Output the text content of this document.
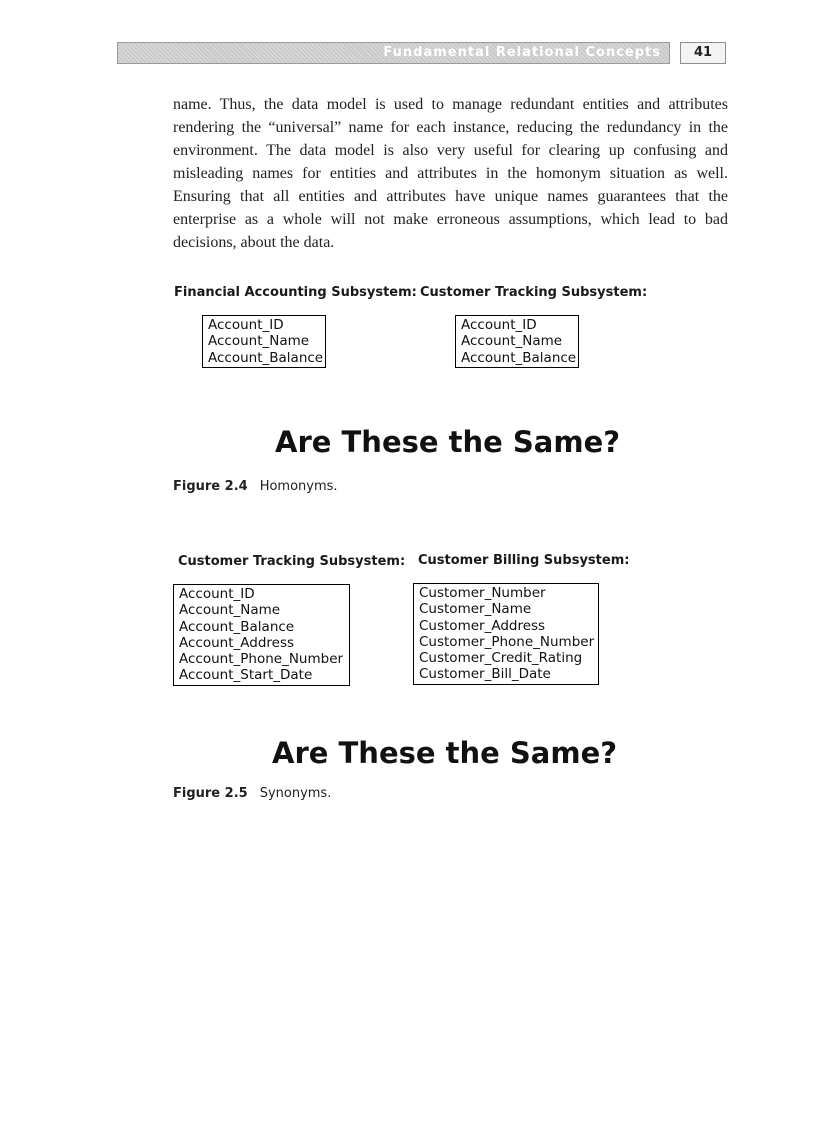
Fundamental Relational Concepts	41

name. Thus, the data model is used to manage redundant entities and attributes rendering the “universal” name for each instance, reducing the redundancy in the environment. The data model is also very useful for clearing up confusing and misleading names for entities and attributes in the homonym situation as well. Ensuring that all entities and attributes have unique names guarantees that the enterprise as a whole will not make erroneous assumptions, which lead to bad decisions, about the data.

Financial Accounting Subsystem: Customer Tracking Subsystem:
Account_ID
Account_Name
Account_Balance
Account_ID
Account_Name
Account_Balance
Are These the Same?
Figure 2.4 Homonyms.
Customer Tracking Subsystem: Customer Billing Subsystem:
Account_ID
Account_Name
Account_Balance
Account_Address
Account_Phone_Number
Account_Start_Date
Customer_Number
Customer_Name
Customer_Address
Customer_Phone_Number
Customer_Credit_Rating
Customer_Bill_Date
Are These the Same?
Figure 2.5 Synonyms.
